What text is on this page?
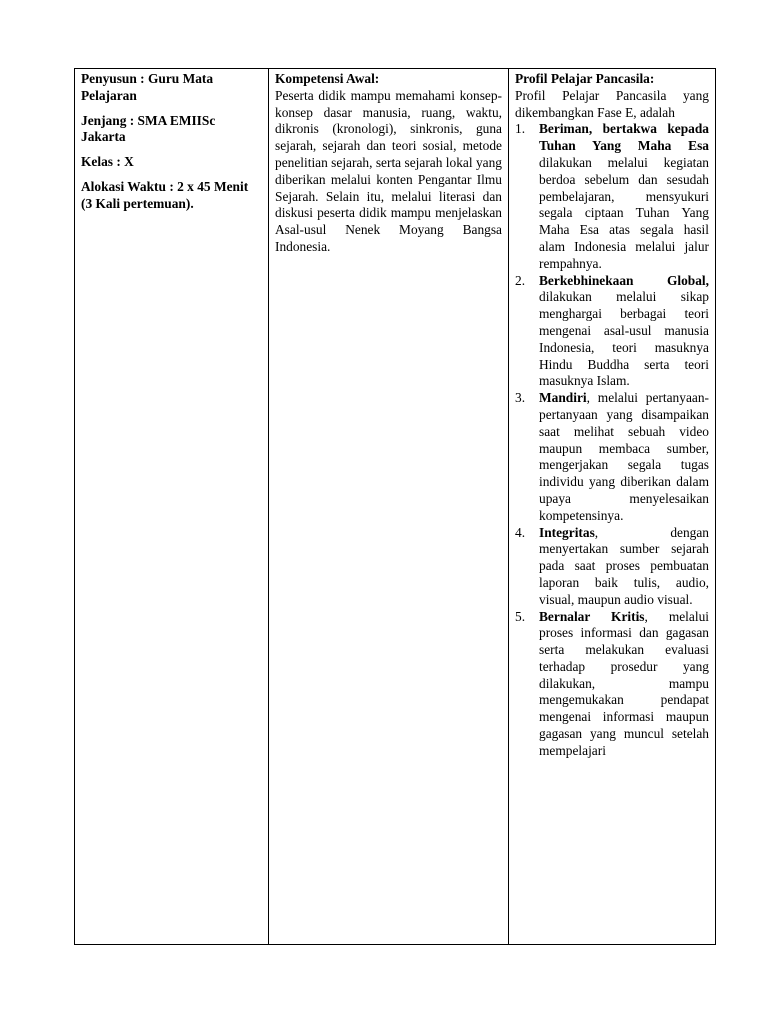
Penyusun : Guru Mata Pelajaran
Jenjang : SMA EMIISc Jakarta
Kelas : X
Alokasi Waktu : 2 x 45 Menit (3 Kali pertemuan).

Kompetensi Awal:
Peserta didik mampu memahami konsep-konsep dasar manusia, ruang, waktu, dikronis (kronologi), sinkronis, guna sejarah, sejarah dan teori sosial, metode penelitian sejarah, serta sejarah lokal yang diberikan melalui konten Pengantar Ilmu Sejarah. Selain itu, melalui literasi dan diskusi peserta didik mampu menjelaskan Asal-usul Nenek Moyang Bangsa Indonesia.

Profil Pelajar Pancasila:
Profil Pelajar Pancasila yang dikembangkan Fase E, adalah
1. Beriman, bertakwa kepada Tuhan Yang Maha Esa dilakukan melalui kegiatan berdoa sebelum dan sesudah pembelajaran, mensyukuri segala ciptaan Tuhan Yang Maha Esa atas segala hasil alam Indonesia melalui jalur rempahnya.
2. Berkebhinekaan Global, dilakukan melalui sikap menghargai berbagai teori mengenai asal-usul manusia Indonesia, teori masuknya Hindu Buddha serta teori masuknya Islam.
3. Mandiri, melalui pertanyaan-pertanyaan yang disampaikan saat melihat sebuah video maupun membaca sumber, mengerjakan segala tugas individu yang diberikan dalam upaya menyelesaikan kompetensinya.
4. Integritas, dengan menyertakan sumber sejarah pada saat proses pembuatan laporan baik tulis, audio, visual, maupun audio visual.
5. Bernalar Kritis, melalui proses informasi dan gagasan serta melakukan evaluasi terhadap prosedur yang dilakukan, mampu mengemukakan pendapat mengenai informasi maupun gagasan yang muncul setelah mempelajari
